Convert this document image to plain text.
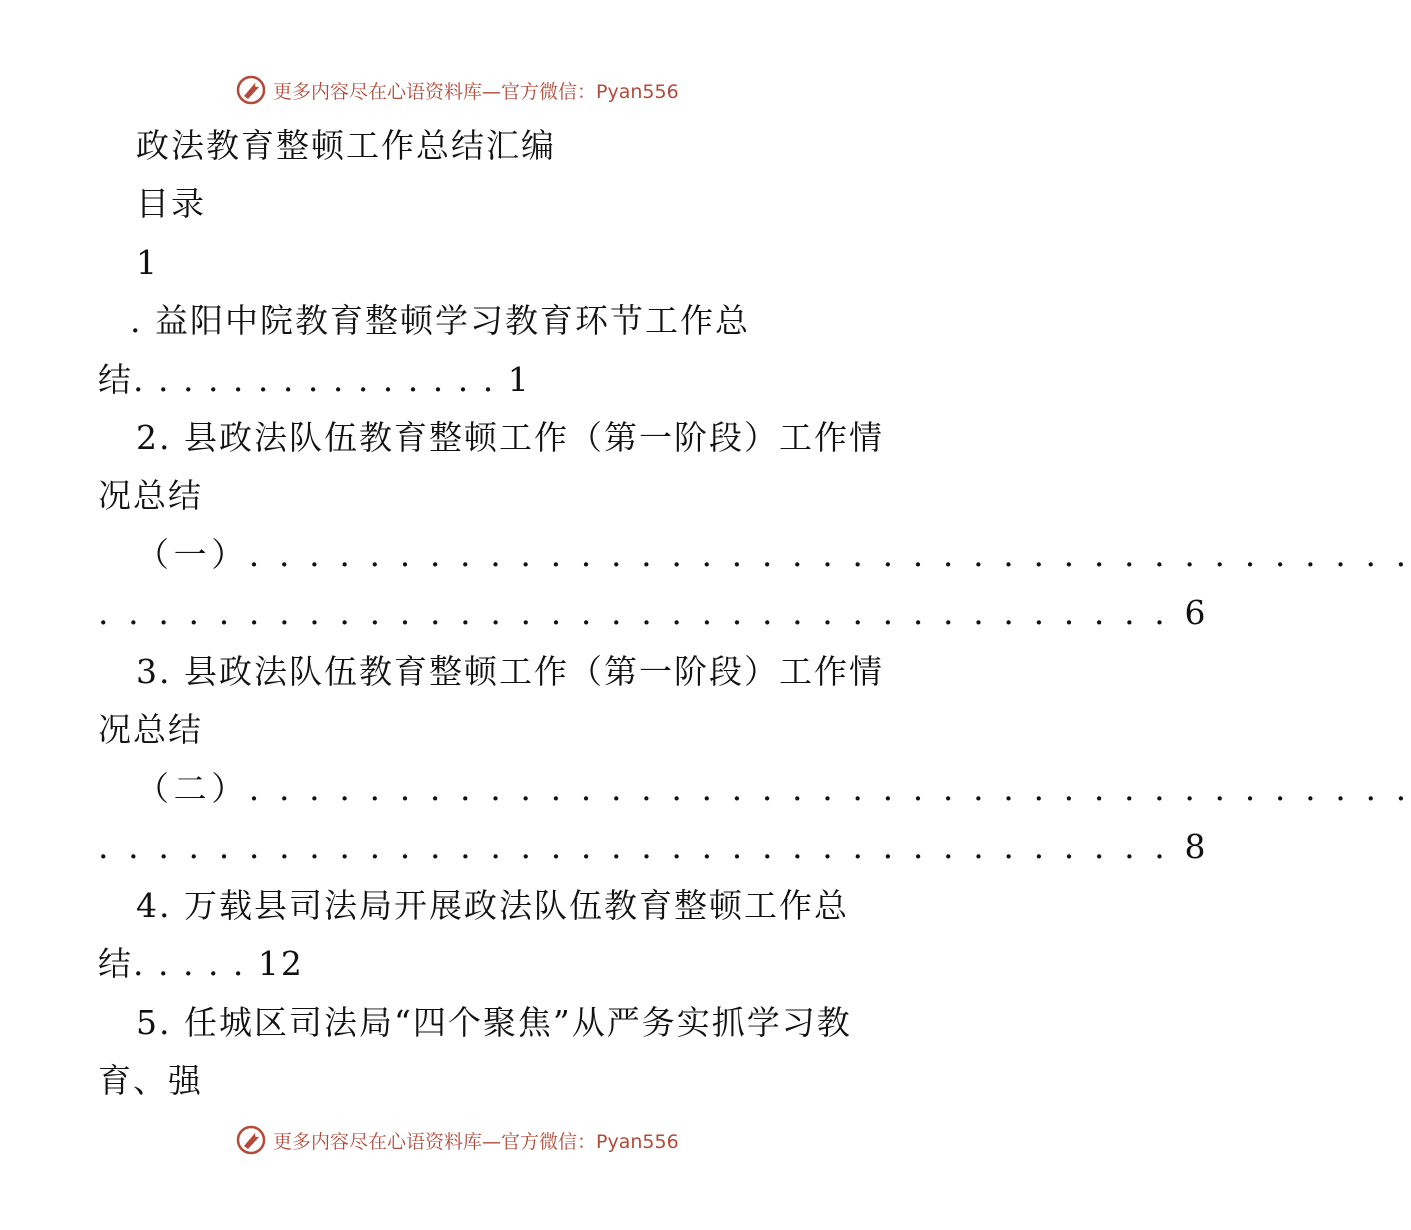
更多内容尽在心语资料库—官方微信：Pyan556
政法教育整顿工作总结汇编
目录
1
. 益阳中院教育整顿学习教育环节工作总
结. . . . . . . . . . . . . . . 1
2. 县政法队伍教育整顿工作（第一阶段）工作情
况总结
（一）. . . . . . . . . . . . . . . . . . . . . . . . . . . . . . . . . . . . . . .
. . . . . . . . . . . . . . . . . . . . . . . . . . . . . . . . . . . . 6
3. 县政法队伍教育整顿工作（第一阶段）工作情
况总结
（二）. . . . . . . . . . . . . . . . . . . . . . . . . . . . . . . . . . . . . . .
. . . . . . . . . . . . . . . . . . . . . . . . . . . . . . . . . . . . 8
4. 万载县司法局开展政法队伍教育整顿工作总
结. . . . . 12
5. 任城区司法局“四个聚焦”从严务实抓学习教
育、强
更多内容尽在心语资料库—官方微信：Pyan556
